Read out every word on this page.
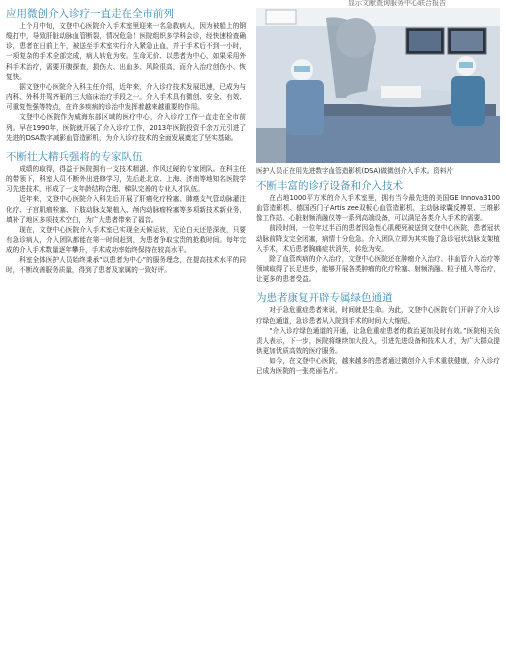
显示文献查询服务中心联合报告
应用微创介入诊疗一直走在全市前列

上个月中旬，文登中心医院介入手术室里迎来一名急救病人，因为被船上的钢缆打中，导致肝脏动脉血管断裂，情况危急！医院组织多学科会诊，经快速检查确诊，患者在日前上午，被送至手术室实行介入紧急止血，并于手术后不到一小时，一项复杂的手术全部完成，病人转危为安。生命无价、以患者为中心，如果采用外科手术治疗，需要开腹探查，损伤大、出血多、风险很高，而介入治疗创伤小、恢复快。

据文登中心医院介入科主任介绍，近年来，介入诊疗技术发展迅速，已成为与内科、外科并驾齐驱的三大临床治疗手段之一。介入手术具有微创、安全、有效、可重复性强等特点，在许多疾病的诊治中发挥着越来越重要的作用。

文登中心医院作为威海东部区域的医疗中心，介入诊疗工作一直走在全市前列。早在1990年，医院就开展了介入诊疗工作，2013年医院投资千余万元引进了先进的DSA数字减影血管造影机，为介入诊疗技术的全面发展奠定了坚实基础。

不断壮大精兵强将的专家队伍

成绩的取得，得益于医院拥有一支技术精湛、作风过硬的专家团队。在科主任的带领下，科室人员不断外出进修学习，先后赴北京、上海、济南等地知名医院学习先进技术，形成了一支年龄结构合理、梯队完善的专业人才队伍。

近年来，文登中心医院介入科先后开展了肝癌化疗栓塞、肺癌支气管动脉灌注化疗、子宫肌瘤栓塞、下肢动脉支架植入、颅内动脉瘤栓塞等多项新技术新业务，填补了地区多项技术空白，为广大患者带来了福音。

现在，文登中心医院介入手术室已实现全天候运转，无论白天还是深夜，只要有急诊病人，介入团队都能在第一时间赶到，为患者争取宝贵的抢救时间。每年完成的介入手术数量逐年攀升，手术成功率始终保持在较高水平。

科室全体医护人员始终秉承“以患者为中心”的服务理念，在提高技术水平的同时，不断改善服务质量，得到了患者及家属的一致好评。

医护人员正在用先进数字血管造影机(DSA)做微创介入手术。资料片
不断丰富的诊疗设备和介入技术

在占地1000平方米的介入手术室里，拥有当今最先进的美国GE Innova3100血管造影机、德国西门子Artis zee双板心血管造影机，主动脉球囊反搏泵、三维影像工作站、心脏射频消融仪等一系列高端设备，可以满足各类介入手术的需要。

前段时间，一位年过半百的患者因急性心肌梗死被送到文登中心医院，患者冠状动脉前降支完全闭塞，病情十分危急。介入团队立即为其实施了急诊冠状动脉支架植入手术，术后患者胸痛症状消失，转危为安。

除了血管疾病的介入治疗，文登中心医院还在肿瘤介入治疗、非血管介入治疗等领域取得了长足进步，能够开展各类肿瘤的化疗栓塞、射频消融、粒子植入等治疗，让更多的患者受益。

为患者康复开辟专属绿色通道

对于急危重症患者来说，时间就是生命。为此，文登中心医院专门开辟了介入诊疗绿色通道，急诊患者从入院到手术的时间大大缩短。

“介入诊疗绿色通道的开通，让急危重症患者的救治更加及时有效。”医院相关负责人表示，下一步，医院将继续加大投入，引进先进设备和技术人才，为广大群众提供更加优质高效的医疗服务。

如今，在文登中心医院，越来越多的患者通过微创介入手术重获健康，介入诊疗已成为医院的一张亮丽名片。
